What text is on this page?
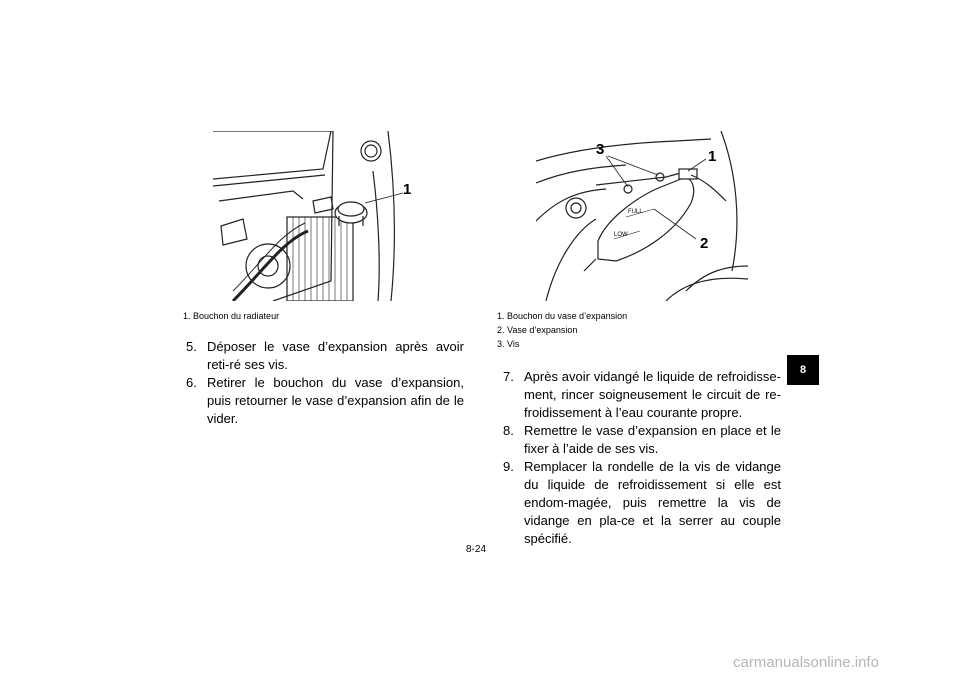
1
1. Bouchon du radiateur
5. Déposer le vase d’expansion après avoir reti-ré ses vis.
6. Retirer le bouchon du vase d’expansion, puis retourner le vase d’expansion afin de le vider.
FULL
LOW
3	1
2
1. Bouchon du vase d’expansion
2. Vase d’expansion
3. Vis
7. Après avoir vidangé le liquide de refroidisse-ment, rincer soigneusement le circuit de re-froidissement à l’eau courante propre.
8. Remettre le vase d’expansion en place et le fixer à l’aide de ses vis.
9. Remplacer la rondelle de la vis de vidange du liquide de refroidissement si elle est endom-magée, puis remettre la vis de vidange en pla-ce et la serrer au couple spécifié.
8
8-24
carmanualsonline.info
